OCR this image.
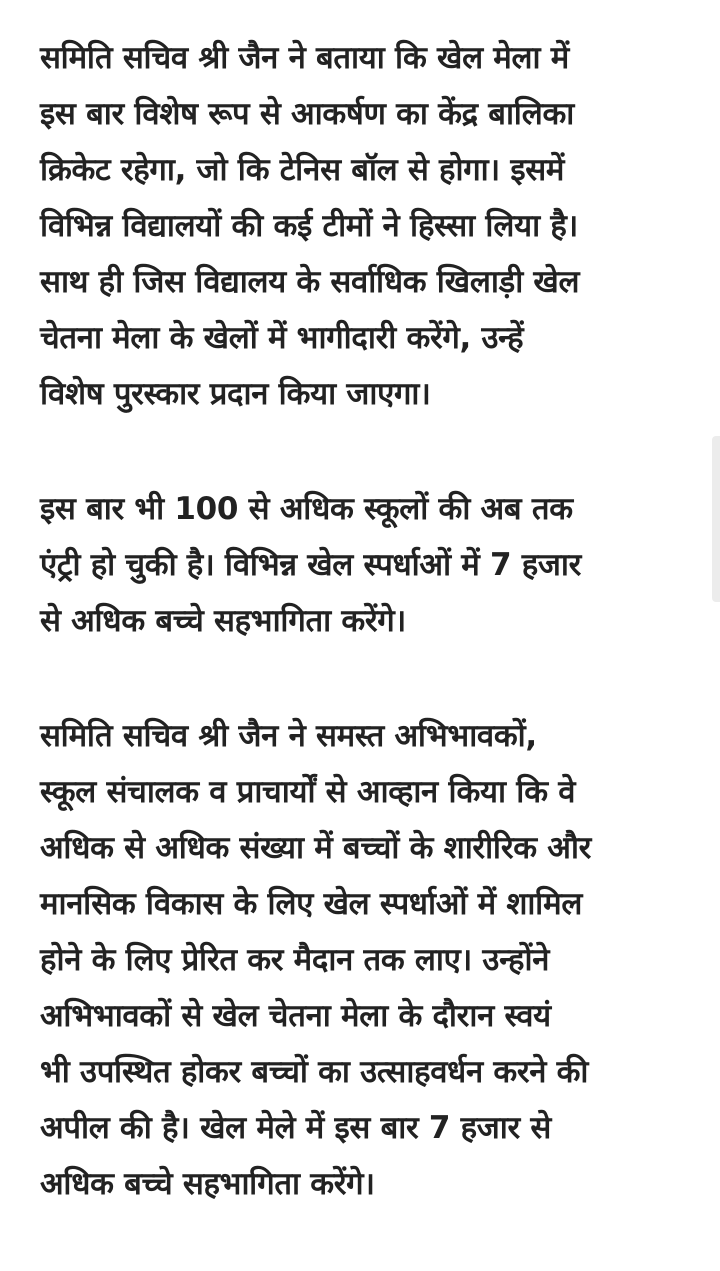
समिति सचिव श्री जैन ने बताया कि खेल मेला में
इस बार विशेष रूप से आकर्षण का केंद्र बालिका
क्रिकेट रहेगा, जो कि टेनिस बॉल से होगा। इसमें
विभिन्न विद्यालयों की कई टीमों ने हिस्सा लिया है।
साथ ही जिस विद्यालय के सर्वाधिक खिलाड़ी खेल
चेतना मेला के खेलों में भागीदारी करेंगे, उन्हें
विशेष पुरस्कार प्रदान किया जाएगा।
इस बार भी 100 से अधिक स्कूलों की अब तक
एंट्री हो चुकी है। विभिन्न खेल स्पर्धाओं में 7 हजार
से अधिक बच्चे सहभागिता करेंगे।
समिति सचिव श्री जैन ने समस्त अभिभावकों,
स्कूल संचालक व प्राचार्यों से आव्हान किया कि वे
अधिक से अधिक संख्या में बच्चों के शारीरिक और
मानसिक विकास के लिए खेल स्पर्धाओं में शामिल
होने के लिए प्रेरित कर मैदान तक लाए। उन्होंने
अभिभावकों से खेल चेतना मेला के दौरान स्वयं
भी उपस्थित होकर बच्चों का उत्साहवर्धन करने की
अपील की है। खेल मेले में इस बार 7 हजार से
अधिक बच्चे सहभागिता करेंगे।
